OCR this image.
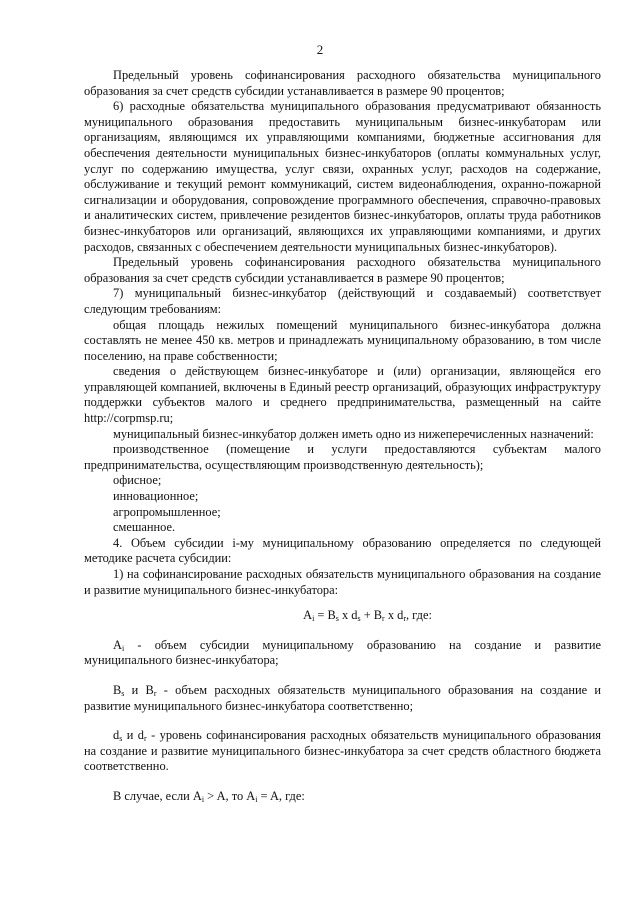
2

Предельный уровень софинансирования расходного обязательства муниципального образования за счет средств субсидии устанавливается в размере 90 процентов;

6) расходные обязательства муниципального образования предусматривают обязанность муниципального образования предоставить муниципальным бизнес-инкубаторам или организациям, являющимся их управляющими компаниями, бюджетные ассигнования для обеспечения деятельности муниципальных бизнес-инкубаторов (оплаты коммунальных услуг, услуг по содержанию имущества, услуг связи, охранных услуг, расходов на содержание, обслуживание и текущий ремонт коммуникаций, систем видеонаблюдения, охранно-пожарной сигнализации и оборудования, сопровождение программного обеспечения, справочно-правовых и аналитических систем, привлечение резидентов бизнес-инкубаторов, оплаты труда работников бизнес-инкубаторов или организаций, являющихся их управляющими компаниями, и других расходов, связанных с обеспечением деятельности муниципальных бизнес-инкубаторов).

Предельный уровень софинансирования расходного обязательства муниципального образования за счет средств субсидии устанавливается в размере 90 процентов;

7) муниципальный бизнес-инкубатор (действующий и создаваемый) соответствует следующим требованиям:

общая площадь нежилых помещений муниципального бизнес-инкубатора должна составлять не менее 450 кв. метров и принадлежать муниципальному образованию, в том числе поселению, на праве собственности;

сведения о действующем бизнес-инкубаторе и (или) организации, являющейся его управляющей компанией, включены в Единый реестр организаций, образующих инфраструктуру поддержки субъектов малого и среднего предпринимательства, размещенный на сайте http://corpmsp.ru;

муниципальный бизнес-инкубатор должен иметь одно из нижеперечисленных назначений:

производственное (помещение и услуги предоставляются субъектам малого предпринимательства, осуществляющим производственную деятельность);

офисное;

инновационное;

агропромышленное;

смешанное.

4. Объем субсидии i-му муниципальному образованию определяется по следующей методике расчета субсидии:

1) на софинансирование расходных обязательств муниципального образования на создание и развитие муниципального бизнес-инкубатора:

$A_i = B_s$ x $d_s + B_r$ x $d_r$, где:

$A_i$ - объем субсидии муниципальному образованию на создание и развитие муниципального бизнес-инкубатора;

$B_s$ и $B_r$ - объем расходных обязательств муниципального образования на создание и развитие муниципального бизнес-инкубатора соответственно;

$d_s$ и $d_r$ - уровень софинансирования расходных обязательств муниципального образования на создание и развитие муниципального бизнес-инкубатора за счет средств областного бюджета соответственно.

В случае, если $A_i > A$, то $A_i = A$, где:
